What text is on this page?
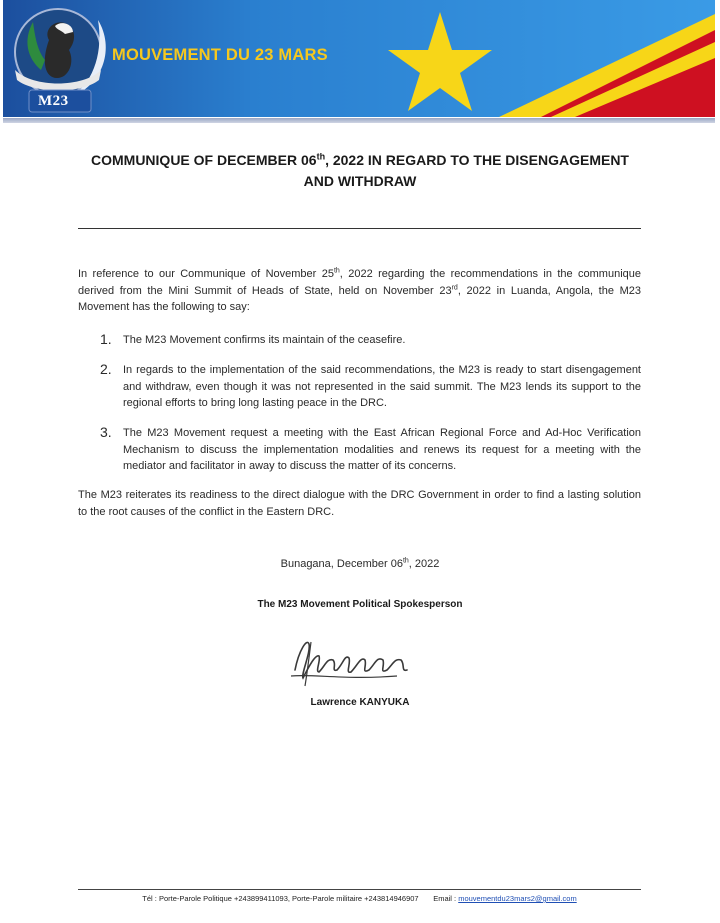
M23
MOUVEMENT DU 23 MARS
COMMUNIQUE OF DECEMBER 06th, 2022 IN REGARD TO THE DISENGAGEMENT
AND WITHDRAW
In reference to our Communique of November 25th, 2022 regarding the recommendations in the communique derived from the Mini Summit of Heads of State, held on November 23rd, 2022 in Luanda, Angola, the M23 Movement has the following to say:
1. The M23 Movement confirms its maintain of the ceasefire.
2. In regards to the implementation of the said recommendations, the M23 is ready to start disengagement and withdraw, even though it was not represented in the said summit. The M23 lends its support to the regional efforts to bring long lasting peace in the DRC.
3. The M23 Movement request a meeting with the East African Regional Force and Ad-Hoc Verification Mechanism to discuss the implementation modalities and renews its request for a meeting with the mediator and facilitator in away to discuss the matter of its concerns.
The M23 reiterates its readiness to the direct dialogue with the DRC Government in order to find a lasting solution to the root causes of the conflict in the Eastern DRC.
Bunagana, December 06th, 2022
The M23 Movement Political Spokesperson
Lawrence KANYUKA
Tél : Porte-Parole Politique +243899411093, Porte-Parole militaire +243814946907 Email : mouvementdu23mars2@gmail.com
